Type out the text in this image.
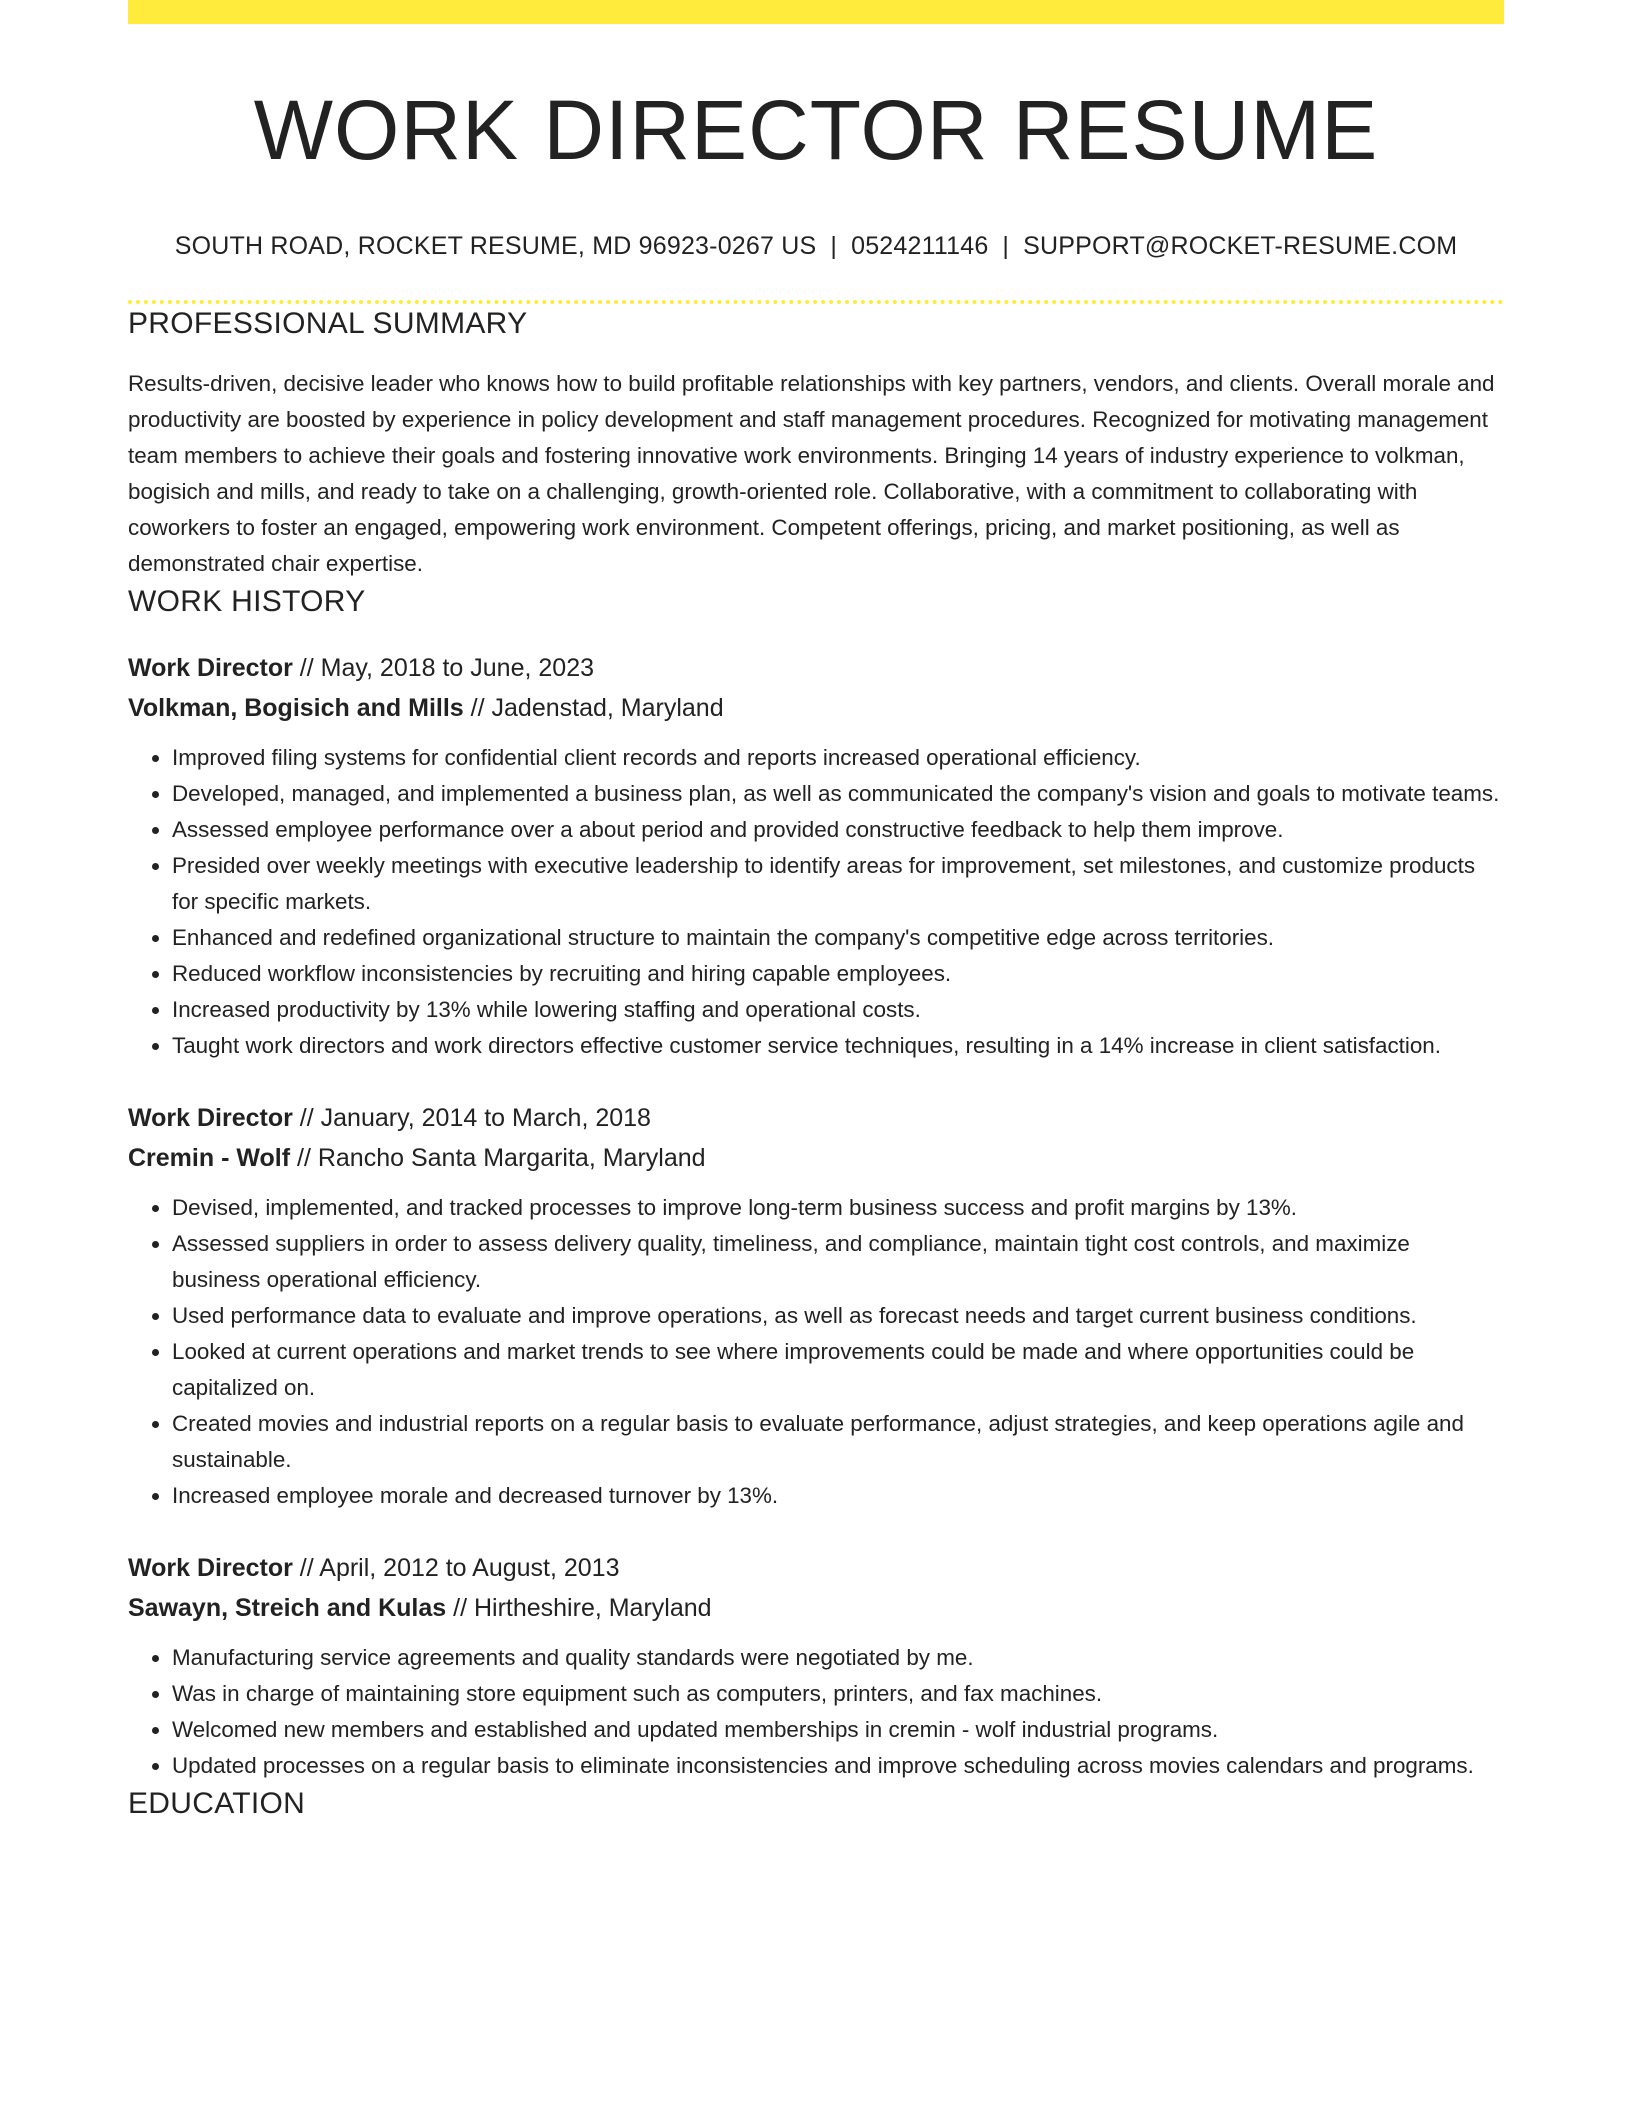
WORK DIRECTOR RESUME
SOUTH ROAD, ROCKET RESUME, MD 96923-0267 US | 0524211146 | SUPPORT@ROCKET-RESUME.COM
PROFESSIONAL SUMMARY

Results-driven, decisive leader who knows how to build profitable relationships with key partners, vendors, and clients. Overall morale and productivity are boosted by experience in policy development and staff management procedures. Recognized for motivating management team members to achieve their goals and fostering innovative work environments. Bringing 14 years of industry experience to volkman, bogisich and mills, and ready to take on a challenging, growth-oriented role. Collaborative, with a commitment to collaborating with coworkers to foster an engaged, empowering work environment. Competent offerings, pricing, and market positioning, as well as demonstrated chair expertise.

WORK HISTORY
Work Director // May, 2018 to June, 2023
Volkman, Bogisich and Mills // Jadenstad, Maryland
• Improved filing systems for confidential client records and reports increased operational efficiency.
• Developed, managed, and implemented a business plan, as well as communicated the company's vision and goals to motivate teams.
• Assessed employee performance over a about period and provided constructive feedback to help them improve.
• Presided over weekly meetings with executive leadership to identify areas for improvement, set milestones, and customize products for specific markets.
• Enhanced and redefined organizational structure to maintain the company's competitive edge across territories.
• Reduced workflow inconsistencies by recruiting and hiring capable employees.
• Increased productivity by 13% while lowering staffing and operational costs.
• Taught work directors and work directors effective customer service techniques, resulting in a 14% increase in client satisfaction.
Work Director // January, 2014 to March, 2018
Cremin - Wolf // Rancho Santa Margarita, Maryland
• Devised, implemented, and tracked processes to improve long-term business success and profit margins by 13%.
• Assessed suppliers in order to assess delivery quality, timeliness, and compliance, maintain tight cost controls, and maximize business operational efficiency.
• Used performance data to evaluate and improve operations, as well as forecast needs and target current business conditions.
• Looked at current operations and market trends to see where improvements could be made and where opportunities could be capitalized on.
• Created movies and industrial reports on a regular basis to evaluate performance, adjust strategies, and keep operations agile and sustainable.
• Increased employee morale and decreased turnover by 13%.
Work Director // April, 2012 to August, 2013
Sawayn, Streich and Kulas // Hirtheshire, Maryland
• Manufacturing service agreements and quality standards were negotiated by me.
• Was in charge of maintaining store equipment such as computers, printers, and fax machines.
• Welcomed new members and established and updated memberships in cremin - wolf industrial programs.
• Updated processes on a regular basis to eliminate inconsistencies and improve scheduling across movies calendars and programs.
EDUCATION
